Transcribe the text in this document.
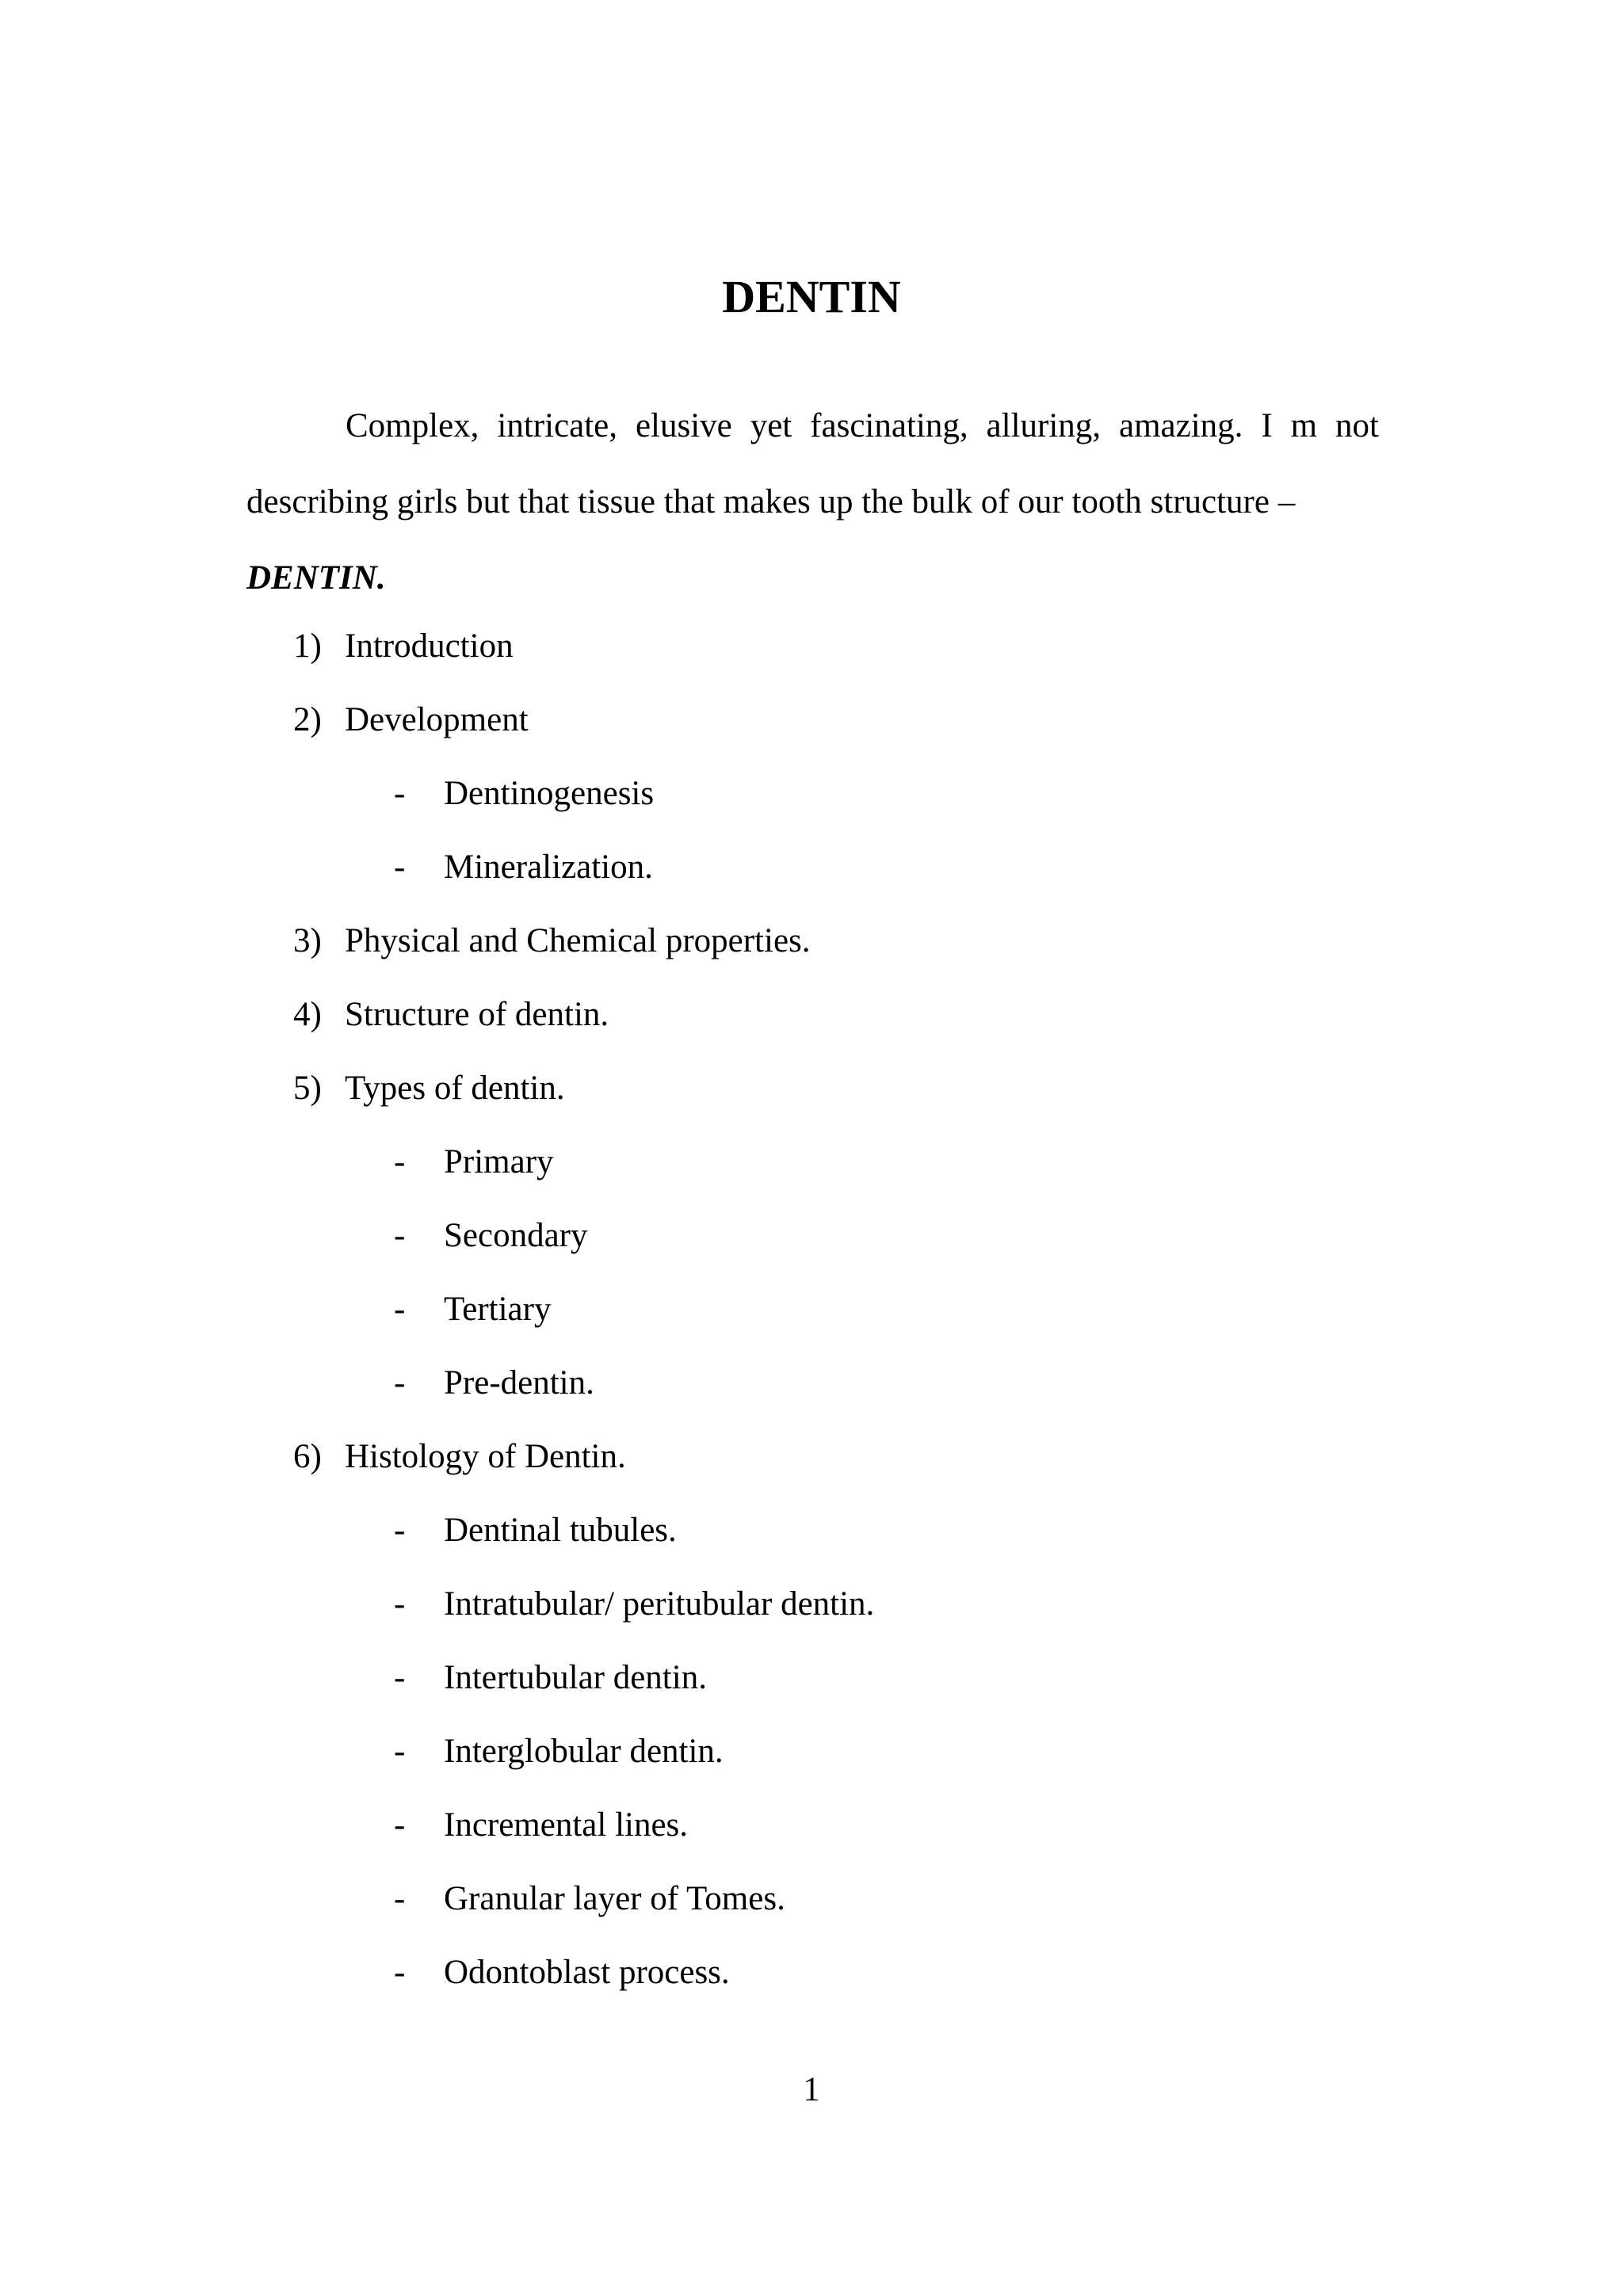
DENTIN

Complex, intricate, elusive yet fascinating, alluring, amazing. I m not describing girls but that tissue that makes up the bulk of our tooth structure –
DENTIN.

1) Introduction
2) Development
- Dentinogenesis
- Mineralization.
3) Physical and Chemical properties.
4) Structure of dentin.
5) Types of dentin.
- Primary
- Secondary
- Tertiary
- Pre-dentin.
6) Histology of Dentin.
- Dentinal tubules.
- Intratubular/ peritubular dentin.
- Intertubular dentin.
- Interglobular dentin.
- Incremental lines.
- Granular layer of Tomes.
- Odontoblast process.
1
